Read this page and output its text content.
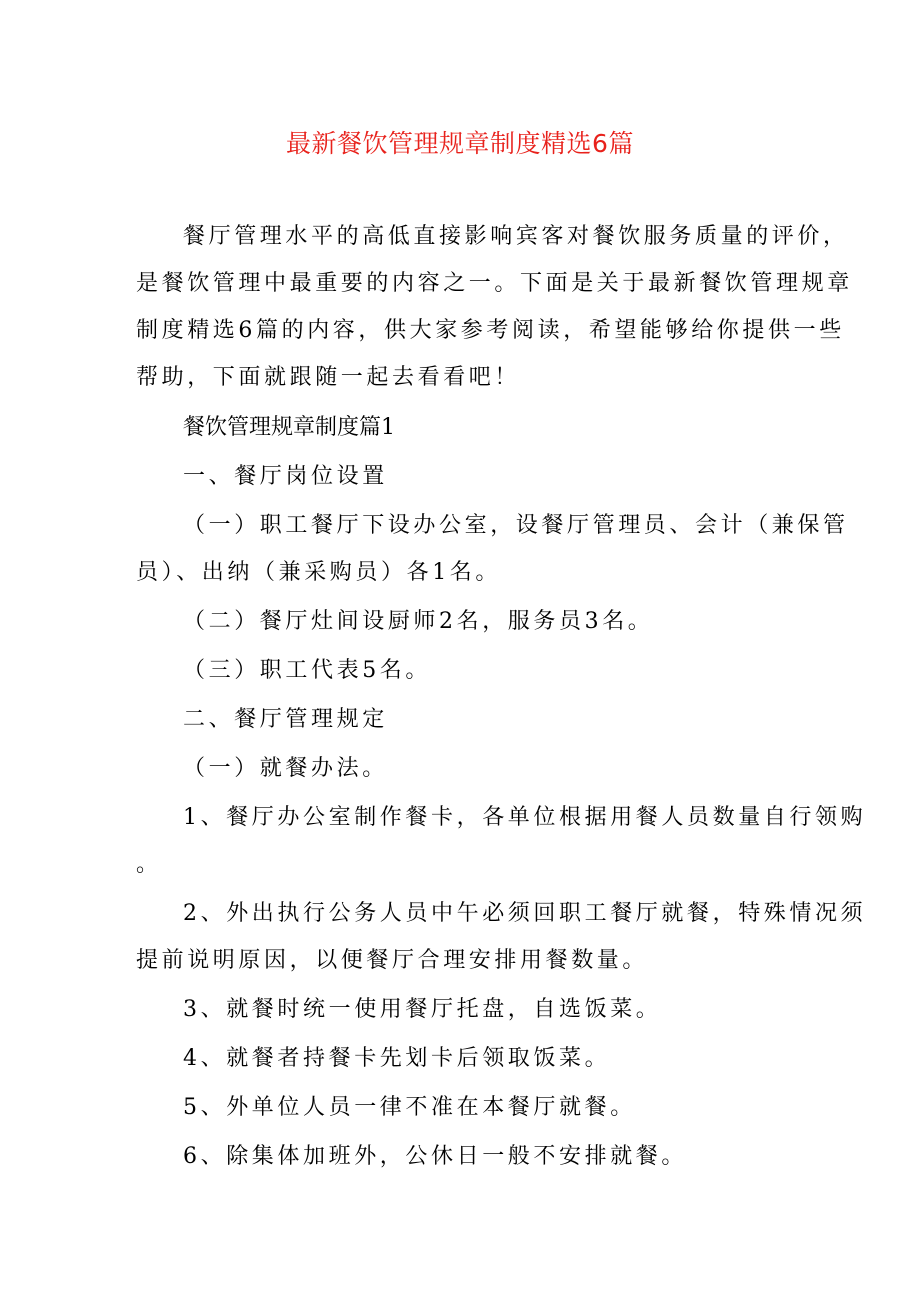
最新餐饮管理规章制度精选6篇
餐厅管理水平的高低直接影响宾客对餐饮服务质量的评价，
是餐饮管理中最重要的内容之一。下面是关于最新餐饮管理规章
制度精选6篇的内容，供大家参考阅读，希望能够给你提供一些
帮助，下面就跟随一起去看看吧！
餐饮管理规章制度篇1
一、餐厅岗位设置
（一）职工餐厅下设办公室，设餐厅管理员、会计（兼保管
员）、出纳（兼采购员）各1名。
（二）餐厅灶间设厨师2名，服务员3名。
（三）职工代表5名。
二、餐厅管理规定
（一）就餐办法。
1、餐厅办公室制作餐卡，各单位根据用餐人员数量自行领购
。
2、外出执行公务人员中午必须回职工餐厅就餐，特殊情况须
提前说明原因，以便餐厅合理安排用餐数量。
3、就餐时统一使用餐厅托盘，自选饭菜。
4、就餐者持餐卡先划卡后领取饭菜。
5、外单位人员一律不准在本餐厅就餐。
6、除集体加班外，公休日一般不安排就餐。
